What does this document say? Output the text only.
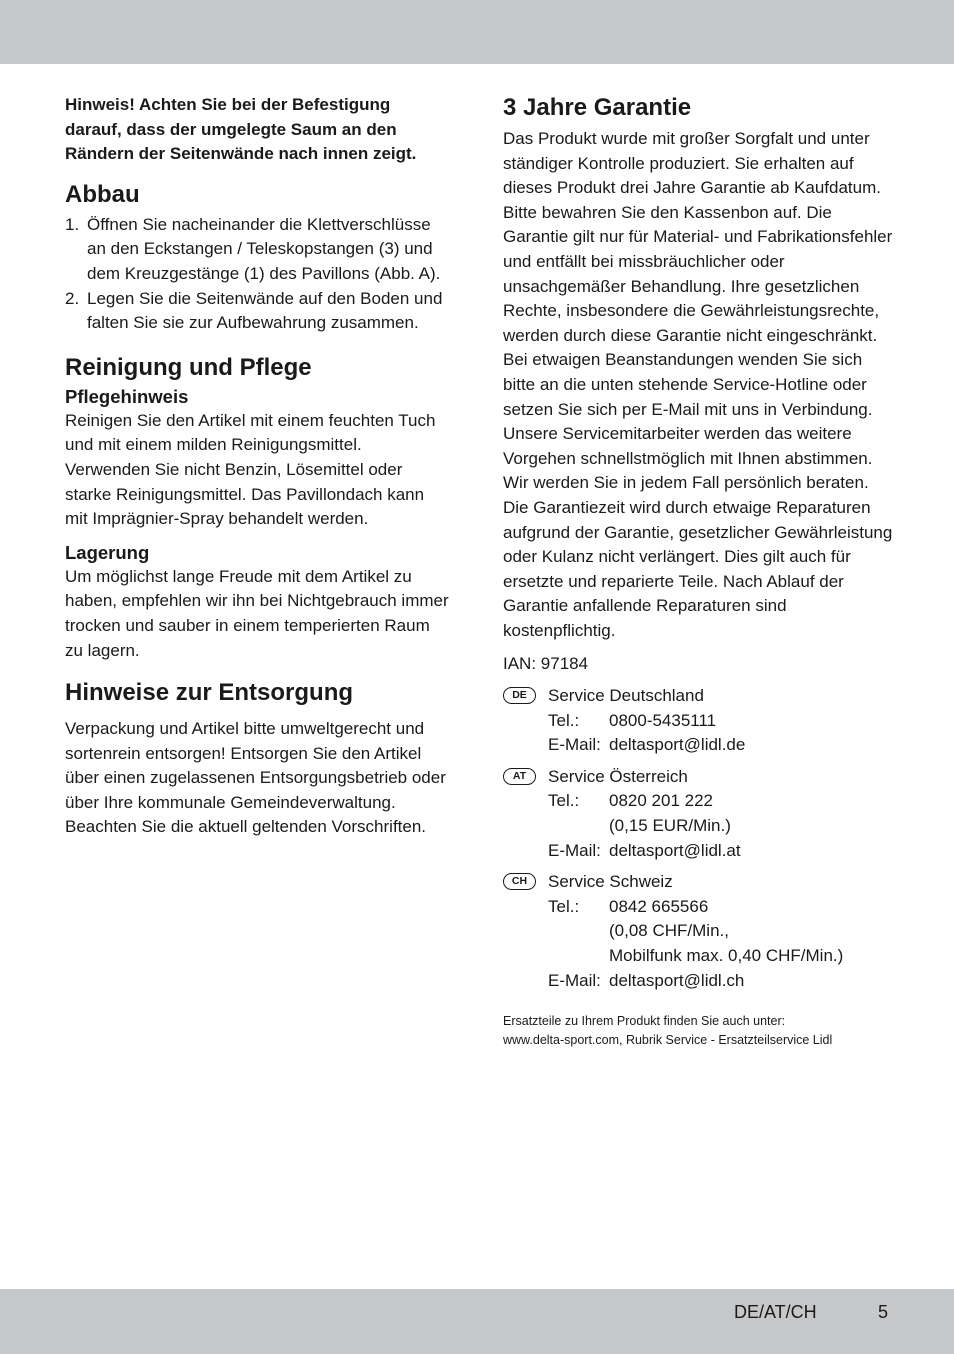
Hinweis! Achten Sie bei der Befestigung darauf, dass der umgelegte Saum an den Rändern der Seitenwände nach innen zeigt.

Abbau
1. Öffnen Sie nacheinander die Klettverschlüsse an den Eckstangen / Teleskopstangen (3) und dem Kreuzgestänge (1) des Pavillons (Abb. A).
2. Legen Sie die Seitenwände auf den Boden und falten Sie sie zur Aufbewahrung zusammen.
Reinigung und Pflege
Pflegehinweis

Reinigen Sie den Artikel mit einem feuchten Tuch und mit einem milden Reinigungsmittel. Verwenden Sie nicht Benzin, Lösemittel oder starke Reinigungsmittel. Das Pavillondach kann mit Imprägnier-Spray behandelt werden.

Lagerung

Um möglichst lange Freude mit dem Artikel zu haben, empfehlen wir ihn bei Nichtgebrauch immer trocken und sauber in einem temperierten Raum zu lagern.

Hinweise zur Entsorgung

Verpackung und Artikel bitte umweltgerecht und sortenrein entsorgen! Entsorgen Sie den Artikel über einen zugelassenen Entsorgungsbetrieb oder über Ihre kommunale Gemeindeverwaltung. Beachten Sie die aktuell geltenden Vorschriften.

3 Jahre Garantie

Das Produkt wurde mit großer Sorgfalt und unter ständiger Kontrolle produziert. Sie erhalten auf dieses Produkt drei Jahre Garantie ab Kaufdatum. Bitte bewahren Sie den Kassenbon auf. Die Garantie gilt nur für Material- und Fabrikationsfehler und entfällt bei missbräuchlicher oder unsachgemäßer Behandlung. Ihre gesetzlichen Rechte, insbesondere die Gewährleistungsrechte, werden durch diese Garantie nicht eingeschränkt. Bei etwaigen Beanstandungen wenden Sie sich bitte an die unten stehende Service-Hotline oder setzen Sie sich per E-Mail mit uns in Verbindung. Unsere Servicemitarbeiter werden das weitere Vorgehen schnellstmöglich mit Ihnen abstimmen. Wir werden Sie in jedem Fall persönlich beraten. Die Garantiezeit wird durch etwaige Reparaturen aufgrund der Garantie, gesetzlicher Gewährleistung oder Kulanz nicht verlängert. Dies gilt auch für ersetzte und reparierte Teile. Nach Ablauf der Garantie anfallende Reparaturen sind kostenpflichtig.

IAN: 97184

DE	Service Deutschland
Tel.:	0800-5435111
E-Mail: deltasport@lidl.de
AT	Service Österreich
Tel.:	0820 201 222
(0,15 EUR/Min.)
E-Mail: deltasport@lidl.at
CH	Service Schweiz
Tel.:	0842 665566
(0,08 CHF/Min.,
Mobilfunk max. 0,40 CHF/Min.)
E-Mail: deltasport@lidl.ch
Ersatzteile zu Ihrem Produkt finden Sie auch unter:
www.delta-sport.com, Rubrik Service - Ersatzteilservice Lidl
DE/AT/CH	5
